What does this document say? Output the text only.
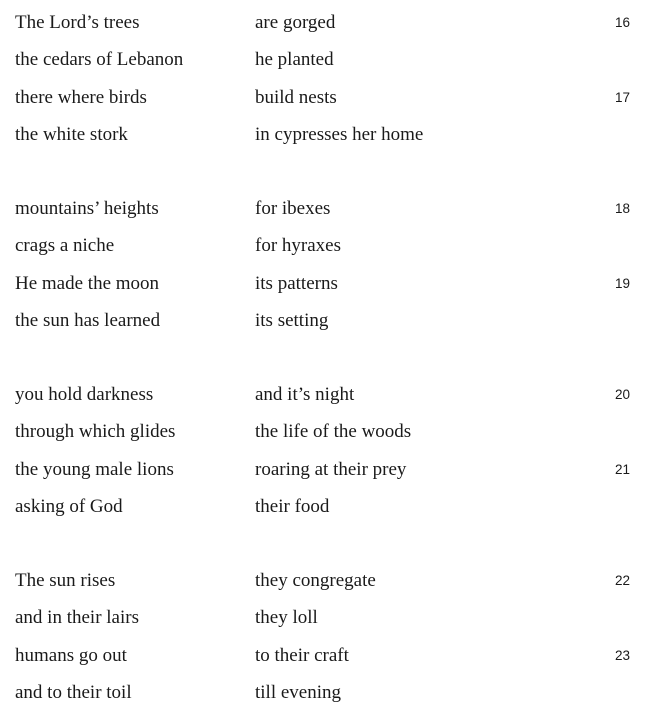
The Lord’s trees	are gorged	16
the cedars of Lebanon	he planted
there where birds	build nests	17
the white stork	in cypresses her home
mountains’ heights	for ibexes	18
crags a niche	for hyraxes
He made the moon	its patterns	19
the sun has learned	its setting
you hold darkness	and it’s night	20
through which glides	the life of the woods
the young male lions	roaring at their prey	21
asking of God	their food
The sun rises	they congregate	22
and in their lairs	they loll
humans go out	to their craft	23
and to their toil	till evening
